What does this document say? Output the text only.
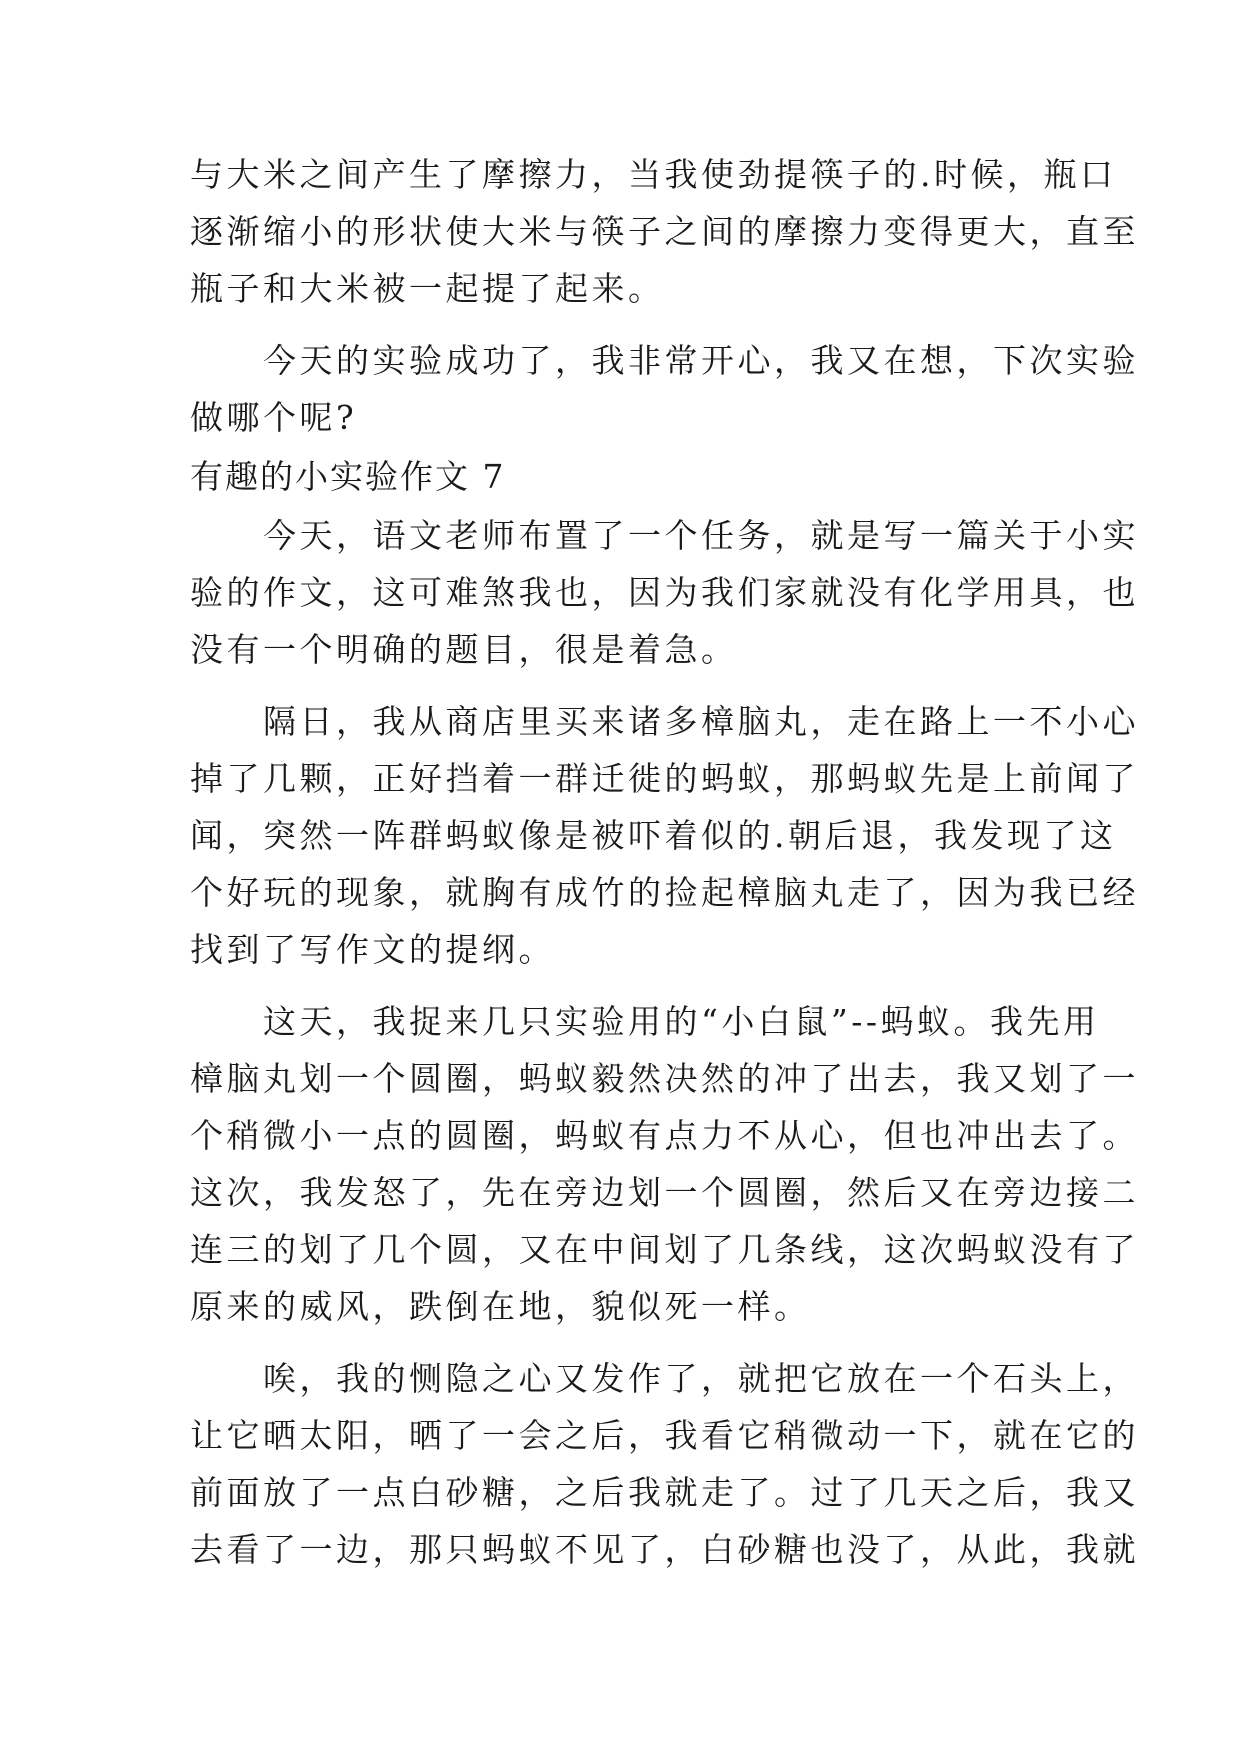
与大米之间产生了摩擦力，当我使劲提筷子的.时候，瓶口
逐渐缩小的形状使大米与筷子之间的摩擦力变得更大，直至
瓶子和大米被一起提了起来。
　　今天的实验成功了，我非常开心，我又在想，下次实验
做哪个呢?
有趣的小实验作文 7
　　今天，语文老师布置了一个任务，就是写一篇关于小实
验的作文，这可难煞我也，因为我们家就没有化学用具，也
没有一个明确的题目，很是着急。
　　隔日，我从商店里买来诸多樟脑丸，走在路上一不小心
掉了几颗，正好挡着一群迁徙的蚂蚁，那蚂蚁先是上前闻了
闻，突然一阵群蚂蚁像是被吓着似的.朝后退，我发现了这
个好玩的现象，就胸有成竹的捡起樟脑丸走了，因为我已经
找到了写作文的提纲。
　　这天，我捉来几只实验用的“小白鼠”--蚂蚁。我先用
樟脑丸划一个圆圈，蚂蚁毅然决然的冲了出去，我又划了一
个稍微小一点的圆圈，蚂蚁有点力不从心，但也冲出去了。
这次，我发怒了，先在旁边划一个圆圈，然后又在旁边接二
连三的划了几个圆，又在中间划了几条线，这次蚂蚁没有了
原来的威风，跌倒在地，貌似死一样。
　　唉，我的恻隐之心又发作了，就把它放在一个石头上，
让它晒太阳，晒了一会之后，我看它稍微动一下，就在它的
前面放了一点白砂糖，之后我就走了。过了几天之后，我又
去看了一边，那只蚂蚁不见了，白砂糖也没了，从此，我就
